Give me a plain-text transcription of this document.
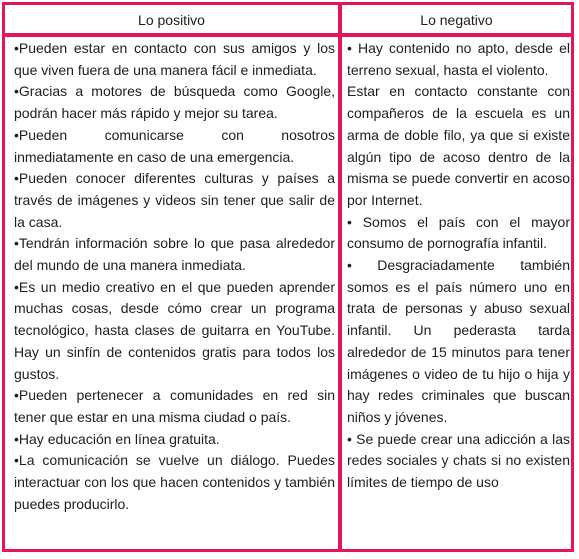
Lo positivo	Lo negativo

•Pueden estar en contacto con sus amigos y los que viven fuera de una manera fácil e inmediata.

•Gracias a motores de búsqueda como Google, podrán hacer más rápido y mejor su tarea.

•Pueden comunicarse con nosotros inmediatamente en caso de una emergencia.

•Pueden conocer diferentes culturas y países a través de imágenes y videos sin tener que salir de la casa.

•Tendrán información sobre lo que pasa alrededor del mundo de una manera inmediata.

•Es un medio creativo en el que pueden aprender muchas cosas, desde cómo crear un programa tecnológico, hasta clases de guitarra en YouTube. Hay un sinfín de contenidos gratis para todos los gustos.

•Pueden pertenecer a comunidades en red sin tener que estar en una misma ciudad o país.

•Hay educación en línea gratuita.

•La comunicación se vuelve un diálogo. Puedes interactuar con los que hacen contenidos y también puedes producirlo.

• Hay contenido no apto, desde el terreno sexual, hasta el violento.

Estar en contacto constante con compañeros de la escuela es un arma de doble filo, ya que si existe algún tipo de acoso dentro de la misma se puede convertir en acoso por Internet.

• Somos el país con el mayor consumo de pornografía infantil.

• Desgraciadamente también somos es el país número uno en trata de personas y abuso sexual infantil. Un pederasta tarda alrededor de 15 minutos para tener imágenes o video de tu hijo o hija y hay redes criminales que buscan niños y jóvenes.

• Se puede crear una adicción a las redes sociales y chats si no existen límites de tiempo de uso
